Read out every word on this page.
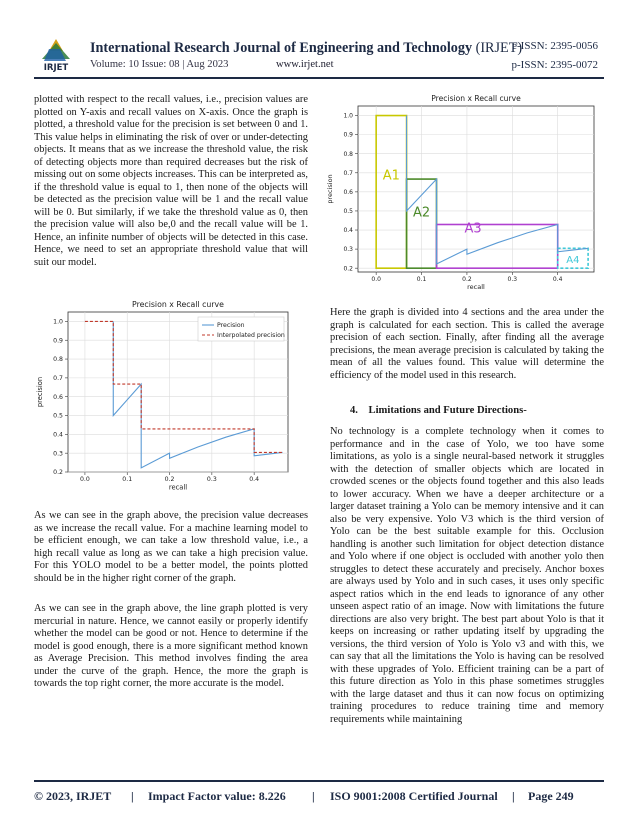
IRJET
International Research Journal of Engineering and Technology (IRJET)
Volume: 10 Issue: 08 | Aug 2023	www.irjet.net
e-ISSN: 2395-0056
p-ISSN: 2395-0072
plotted with respect to the recall values, i.e., precision values are plotted on Y-axis and recall values on X-axis. Once the graph is plotted, a threshold value for the precision is set between 0 and 1. This value helps in eliminating the risk of over or under-detecting objects. It means that as we increase the threshold value, the risk of detecting objects more than required decreases but the risk of missing out on some objects increases. This can be interpreted as, if the threshold value is equal to 1, then none of the objects will be detected as the precision value will be 1 and the recall value will be 0. But similarly, if we take the threshold value as 0, then the precision value will also be,0 and the recall value will be 1. Hence, an infinite number of objects will be detected in this case. Hence, we need to set an appropriate threshold value that will suit our model.
0.0	0.1	0.2	0.3	0.4
0.2
0.3
0.4
0.5
0.6
0.7
0.8
0.9
1.0
Precision x Recall curve
recall
precision
Precision
Interpolated precision
As we can see in the graph above, the precision value decreases as we increase the recall value. For a machine learning model to be efficient enough, we can take a low threshold value, i.e., a high recall value as long as we can take a high precision value. For this YOLO model to be a better model, the points plotted should be in the higher right corner of the graph.
As we can see in the graph above, the line graph plotted is very mercurial in nature. Hence, we cannot easily or properly identify whether the model can be good or not. Hence to determine if the model is good enough, there is a more significant method known as Average Precision. This method involves finding the area under the curve of the graph. Hence, the more the graph is towards the top right corner, the more accurate is the model.
0.0	0.1	0.2	0.3	0.4
0.2
0.3
0.4
0.5
0.6
0.7
0.8
0.9
1.0
Precision x Recall curve
recall
precision	A1
A2
A3
A4
Here the graph is divided into 4 sections and the area under the graph is calculated for each section. This is called the average precision of each section. Finally, after finding all the average precisions, the mean average precision is calculated by taking the mean of all the values found. This value will determine the efficiency of the model used in this research.
4.    Limitations and Future Directions-
No technology is a complete technology when it comes to performance and in the case of Yolo, we too have some limitations, as yolo is a single neural-based network it struggles with the detection of smaller objects which are located in crowded scenes or the objects found together and this also leads to lower accuracy. When we have a deeper architecture or a larger dataset training a Yolo can be memory intensive and it can also be very expensive. Yolo V3 which is the third version of Yolo can be the best suitable example for this. Occlusion handling is another such limitation for object detection distance and Yolo where if one object is occluded with another yolo then struggles to detect these accurately and precisely. Anchor boxes are always used by Yolo and in such cases, it uses only specific aspect ratios which in the end leads to ignorance of any other unseen aspect ratio of an image. Now with limitations the future directions are also very bright. The best part about Yolo is that it keeps on increasing or rather updating itself by upgrading the versions, the third version of Yolo is Yolo v3 and with this, we can say that all the limitations the Yolo is having can be resolved with these upgrades of Yolo. Efficient training can be a part of this future direction as Yolo in this phase sometimes struggles with the large dataset and thus it can now focus on optimizing training procedures to reduce training time and memory requirements while maintaining
© 2023, IRJET | Impact Factor value: 8.226 | ISO 9001:2008 Certified Journal | Page 249
